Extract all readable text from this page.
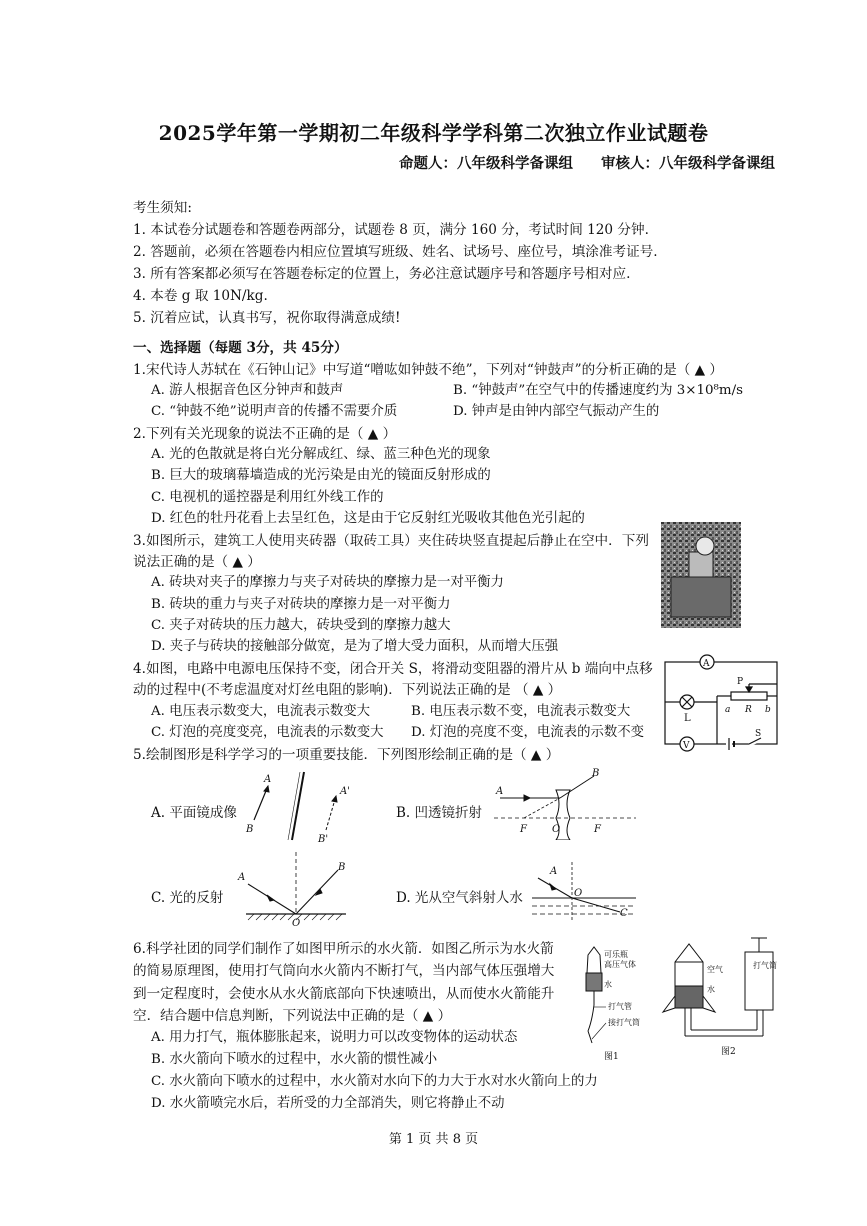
2025学年第一学期初二年级科学学科第二次独立作业试题卷
命题人：八年级科学备课组 审核人：八年级科学备课组
考生须知:
1. 本试卷分试题卷和答题卷两部分，试题卷 8 页，满分 160 分，考试时间 120 分钟.
2. 答题前，必须在答题卷内相应位置填写班级、姓名、试场号、座位号，填涂准考证号.
3. 所有答案都必须写在答题卷标定的位置上，务必注意试题序号和答题序号相对应.
4. 本卷 g 取 10N/kg.
5. 沉着应试，认真书写，祝你取得满意成绩!
一、选择题（每题 3分，共 45分）
1.宋代诗人苏轼在《石钟山记》中写道“噌吰如钟鼓不绝”，下列对“钟鼓声”的分析正确的是（ ▲ ）
A. 游人根据音色区分钟声和鼓声	B. “钟鼓声”在空气中的传播速度约为 3×10⁸m/s
C. “钟鼓不绝”说明声音的传播不需要介质	D. 钟声是由钟内部空气振动产生的
2.下列有关光现象的说法不正确的是（ ▲ ）
A. 光的色散就是将白光分解成红、绿、蓝三种色光的现象
B. 巨大的玻璃幕墙造成的光污染是由光的镜面反射形成的
C. 电视机的遥控器是利用红外线工作的
D. 红色的牡丹花看上去呈红色，这是由于它反射红光吸收其他色光引起的
3.如图所示，建筑工人使用夹砖器（取砖工具）夹住砖块竖直提起后静止在空中．下列
说法正确的是（ ▲ ）
A. 砖块对夹子的摩擦力与夹子对砖块的摩擦力是一对平衡力
B. 砖块的重力与夹子对砖块的摩擦力是一对平衡力
C. 夹子对砖块的压力越大，砖块受到的摩擦力越大
D. 夹子与砖块的接触部分做宽，是为了增大受力面积，从而增大压强
4.如图，电路中电源电压保持不变，闭合开关 S，将滑动变阻器的滑片从 b 端向中点移
动的过程中(不考虑温度对灯丝电阻的影响)．下列说法正确的是 （ ▲ ）
A. 电压表示数变大，电流表示数变大	B. 电压表示数不变，电流表示数变大
C. 灯泡的亮度变亮，电流表的示数变大 D. 灯泡的亮度不变，电流表的示数不变
A
L
P
a R b
V
S
5.绘制图形是科学学习的一项重要技能．下列图形绘制正确的是（ ▲ ）
A. 平面镜成像
A
A'
B
B'
B. 凹透镜折射
A
B
F	O	F
C. 光的反射
A
B
O
D. 光从空气斜射人水
A
O
C
6.科学社团的同学们制作了如图甲所示的水火箭．如图乙所示为水火箭
的简易原理图，使用打气筒向水火箭内不断打气，当内部气体压强增大
到一定程度时，会使水从水火箭底部向下快速喷出，从而使水火箭能升
空．结合题中信息判断，下列说法中正确的是（ ▲ ）
A. 用力打气，瓶体膨胀起来，说明力可以改变物体的运动状态
B. 水火箭向下喷水的过程中，水火箭的惯性减小
C. 水火箭向下喷水的过程中，水火箭对水向下的力大于水对水火箭向上的力
D. 水火箭喷完水后，若所受的力全部消失，则它将静止不动
可乐瓶
高压气体
水
打气管
接打气筒
图1
空气
水
打气筒
图2
第 1 页 共 8 页
